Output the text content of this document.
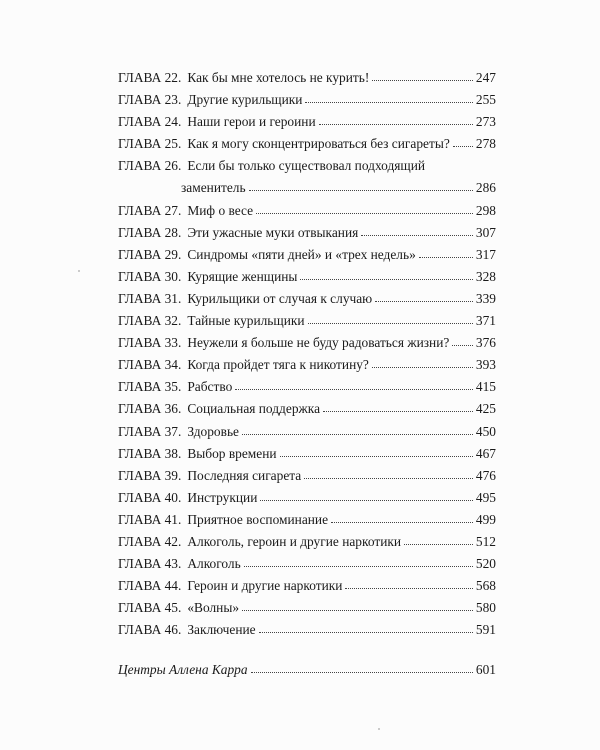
ГЛАВА 22. Как бы мне хотелось не курить!	247
ГЛАВА 23. Другие курильщики	255
ГЛАВА 24. Наши герои и героини	273
ГЛАВА 25. Как я могу сконцентрироваться без сигареты? 278
ГЛАВА 26. Если бы только существовал подходящий
заменитель	286
ГЛАВА 27. Миф о весе	298
ГЛАВА 28. Эти ужасные муки отвыкания	307
ГЛАВА 29. Синдромы «пяти дней» и «трех недель»	317
ГЛАВА 30. Курящие женщины	328
ГЛАВА 31. Курильщики от случая к случаю	339
ГЛАВА 32. Тайные курильщики	371
ГЛАВА 33. Неужели я больше не буду радоваться жизни? 376
ГЛАВА 34. Когда пройдет тяга к никотину?	393
ГЛАВА 35. Рабство	415
ГЛАВА 36. Социальная поддержка	425
ГЛАВА 37. Здоровье	450
ГЛАВА 38. Выбор времени	467
ГЛАВА 39. Последняя сигарета	476
ГЛАВА 40. Инструкции	495
ГЛАВА 41. Приятное воспоминание	499
ГЛАВА 42. Алкоголь, героин и другие наркотики	512
ГЛАВА 43. Алкоголь	520
ГЛАВА 44. Героин и другие наркотики	568
ГЛАВА 45. «Волны»	580
ГЛАВА 46. Заключение	591
Центры Аллена Карра	601
